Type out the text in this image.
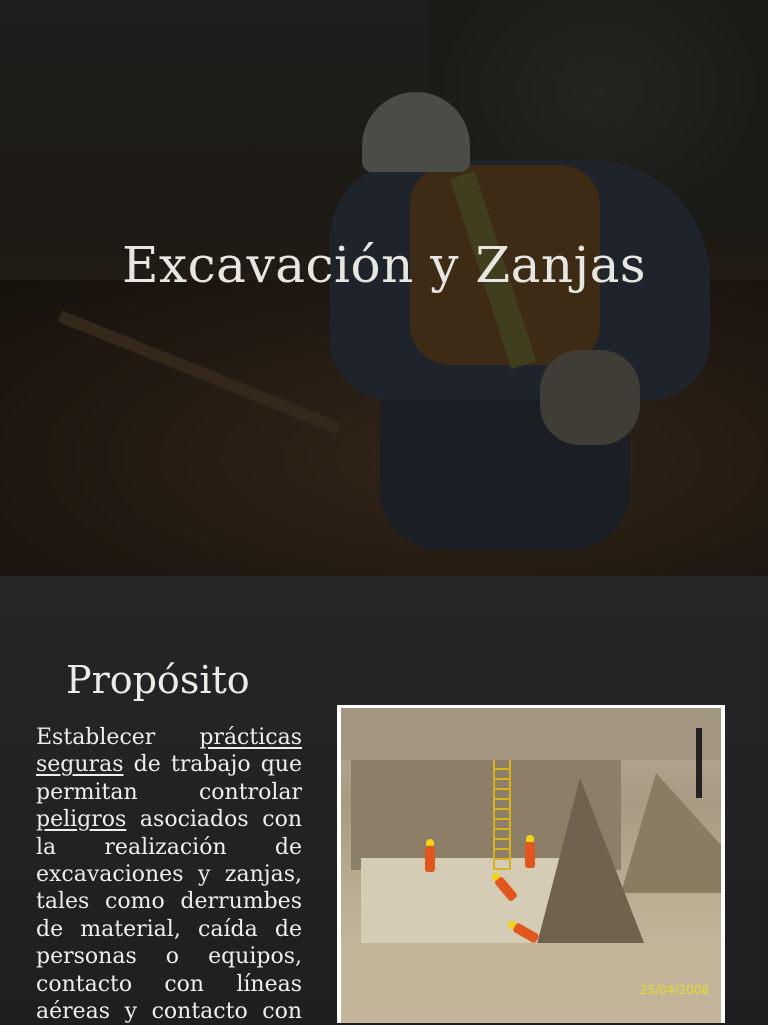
Excavación y Zanjas
Propósito
Establecer prácticas seguras de trabajo que permitan controlar peligros asociados con la realización de excavaciones y zanjas, tales como derrumbes de material, caída de personas o equipos, contacto con líneas aéreas y contacto con
25/04/2008
